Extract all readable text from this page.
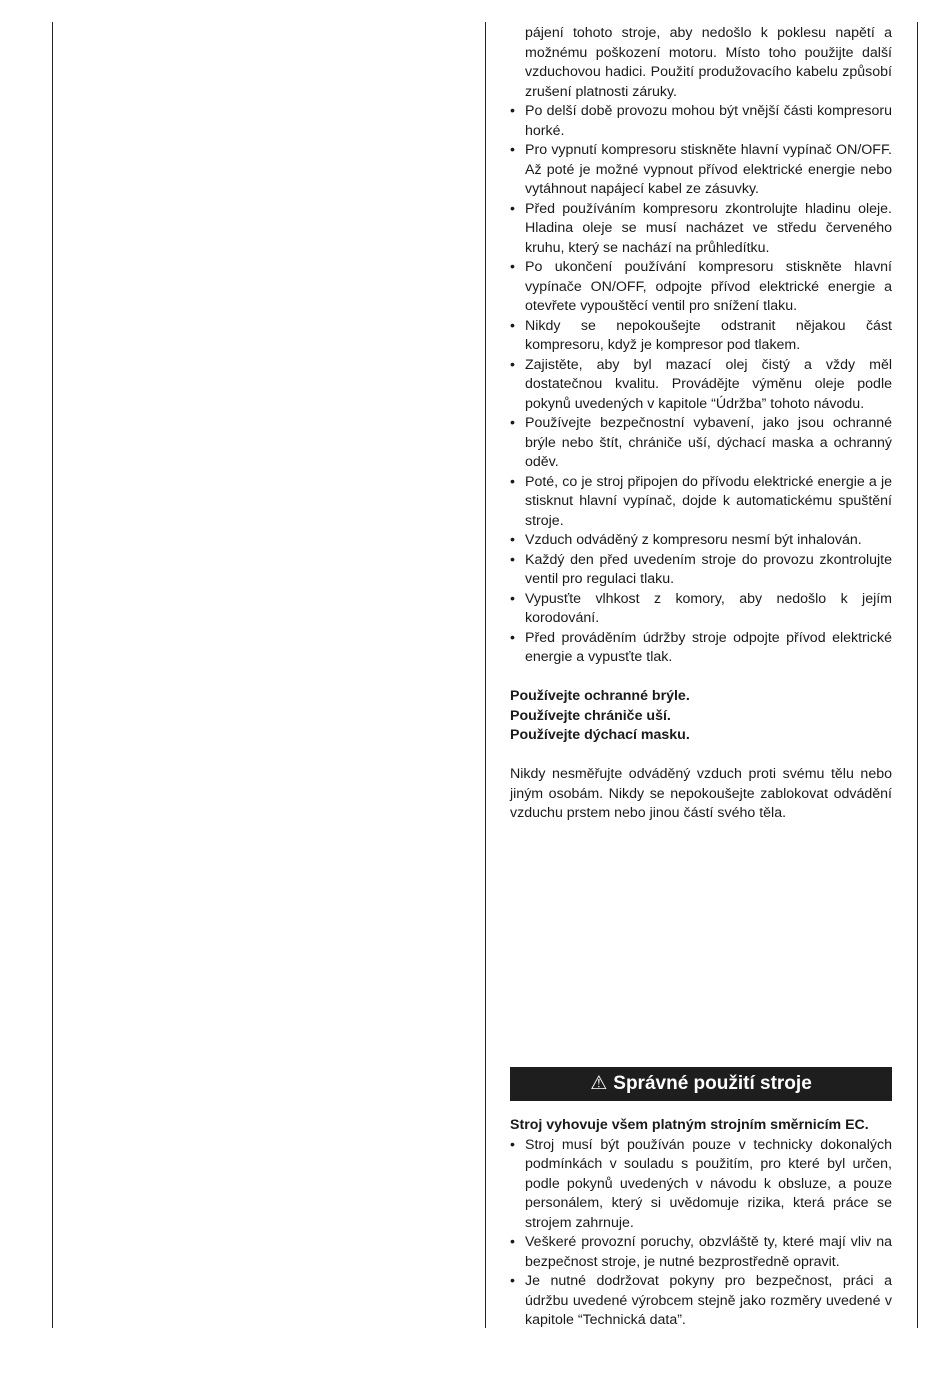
pájení tohoto stroje, aby nedošlo k poklesu napětí a možnému poškození motoru. Místo toho použijte další vzduchovou hadici. Použití produžovacího kabelu způsobí zrušení platnosti záruky.
• Po delší době provozu mohou být vnější části kompresoru horké.
• Pro vypnutí kompresoru stiskněte hlavní vypínač ON/OFF. Až poté je možné vypnout přívod elektrické energie nebo vytáhnout napájecí kabel ze zásuvky.
• Před používáním kompresoru zkontrolujte hladinu oleje. Hladina oleje se musí nacházet ve středu červeného kruhu, který se nachází na průhledítku.
• Po ukončení používání kompresoru stiskněte hlavní vypínače ON/OFF, odpojte přívod elektrické energie a otevřete vypouštěcí ventil pro snížení tlaku.
• Nikdy se nepokoušejte odstranit nějakou část kompresoru, když je kompresor pod tlakem.
• Zajistěte, aby byl mazací olej čistý a vždy měl dostatečnou kvalitu. Provádějte výměnu oleje podle pokynů uvedených v kapitole “Údržba” tohoto návodu.
• Používejte bezpečnostní vybavení, jako jsou ochranné brýle nebo štít, chrániče uší, dýchací maska a ochranný oděv.
• Poté, co je stroj připojen do přívodu elektrické energie a je stisknut hlavní vypínač, dojde k automatickému spuštění stroje.
• Vzduch odváděný z kompresoru nesmí být inhalován.
• Každý den před uvedením stroje do provozu zkontrolujte ventil pro regulaci tlaku.
• Vypusťte vlhkost z komory, aby nedošlo k jejím korodování.
• Před prováděním údržby stroje odpojte přívod elektrické energie a vypusťte tlak.
Používejte ochranné brýle.
Používejte chrániče uší.
Používejte dýchací masku.
Nikdy nesměřujte odváděný vzduch proti svému tělu nebo jiným osobám. Nikdy se nepokoušejte zablokovat odvádění vzduchu prstem nebo jinou částí svého těla.
⚠ Správné použití stroje
Stroj vyhovuje všem platným strojním směrnicím EC.
• Stroj musí být používán pouze v technicky dokonalých podmínkách v souladu s použitím, pro které byl určen, podle pokynů uvedených v návodu k obsluze, a pouze personálem, který si uvědomuje rizika, která práce se strojem zahrnuje.
• Veškeré provozní poruchy, obzvláště ty, které mají vliv na bezpečnost stroje, je nutné bezprostředně opravit.
• Je nutné dodržovat pokyny pro bezpečnost, práci a údržbu uvedené výrobcem stejně jako rozměry uvedené v kapitole “Technická data”.
